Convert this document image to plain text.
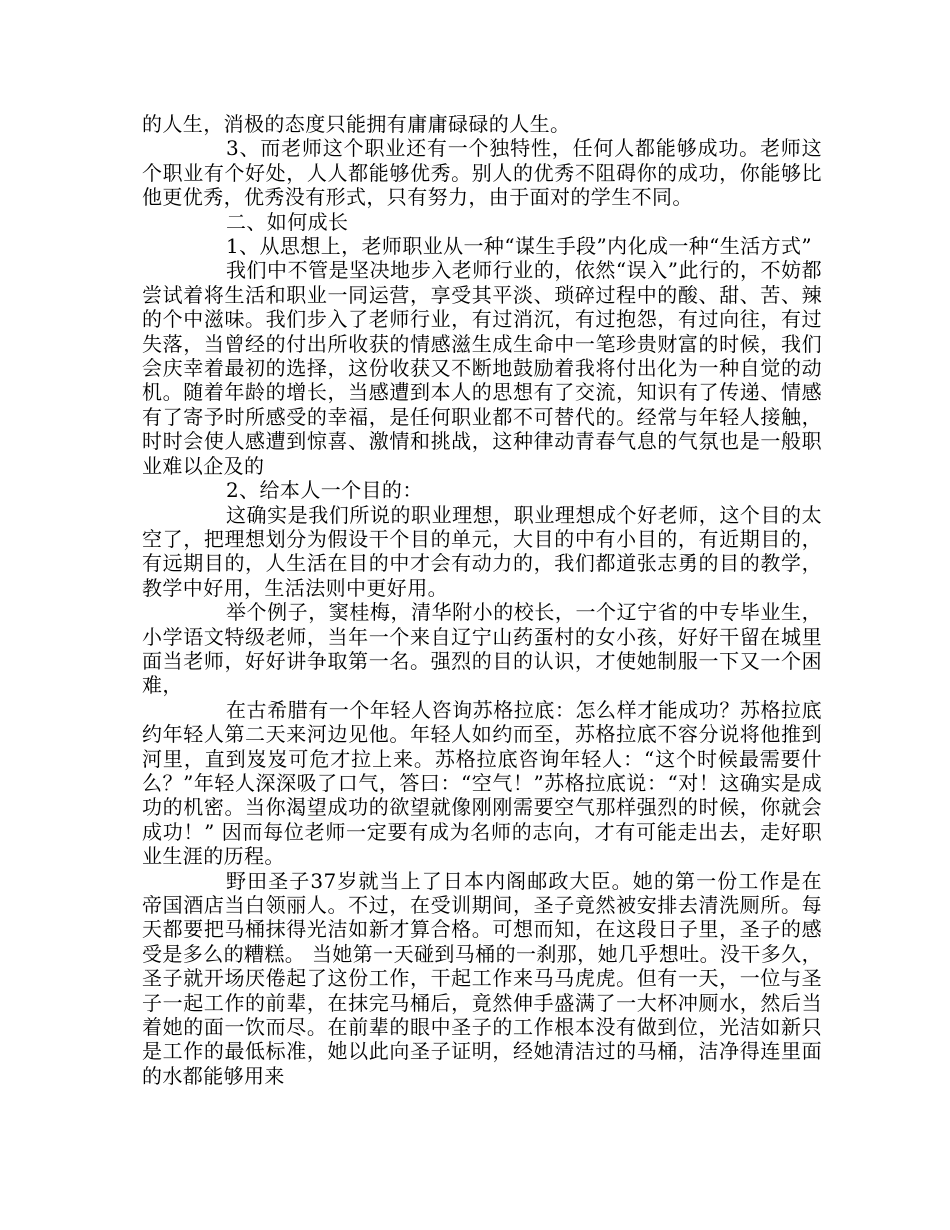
的人生，消极的态度只能拥有庸庸碌碌的人生。

3、而老师这个职业还有一个独特性，任何人都能够成功。老师这个职业有个好处，人人都能够优秀。别人的优秀不阻碍你的成功，你能够比他更优秀，优秀没有形式，只有努力，由于面对的学生不同。

二、如何成长

1、从思想上，老师职业从一种“谋生手段”内化成一种“生活方式”

我们中不管是坚决地步入老师行业的，依然“误入”此行的，不妨都尝试着将生活和职业一同运营，享受其平淡、琐碎过程中的酸、甜、苦、辣的个中滋味。我们步入了老师行业，有过消沉，有过抱怨，有过向往，有过失落，当曾经的付出所收获的情感滋生成生命中一笔珍贵财富的时候，我们会庆幸着最初的选择，这份收获又不断地鼓励着我将付出化为一种自觉的动机。随着年龄的增长，当感遭到本人的思想有了交流，知识有了传递、情感有了寄予时所感受的幸福，是任何职业都不可替代的。经常与年轻人接触，时时会使人感遭到惊喜、激情和挑战，这种律动青春气息的气氛也是一般职业难以企及的

2、给本人一个目的：

这确实是我们所说的职业理想，职业理想成个好老师，这个目的太空了，把理想划分为假设干个目的单元，大目的中有小目的，有近期目的，有远期目的，人生活在目的中才会有动力的，我们都道张志勇的目的教学，教学中好用，生活法则中更好用。

举个例子，窦桂梅，清华附小的校长，一个辽宁省的中专毕业生，小学语文特级老师，当年一个来自辽宁山药蛋村的女小孩，好好干留在城里面当老师，好好讲争取第一名。强烈的目的认识，才使她制服一下又一个困难，

在古希腊有一个年轻人咨询苏格拉底：怎么样才能成功？苏格拉底约年轻人第二天来河边见他。年轻人如约而至，苏格拉底不容分说将他推到河里，直到岌岌可危才拉上来。苏格拉底咨询年轻人：“这个时候最需要什么？”年轻人深深吸了口气，答曰：“空气！”苏格拉底说：“对！这确实是成功的机密。当你渴望成功的欲望就像刚刚需要空气那样强烈的时候，你就会成功！” 因而每位老师一定要有成为名师的志向，才有可能走出去，走好职业生涯的历程。

野田圣子37岁就当上了日本内阁邮政大臣。她的第一份工作是在帝国酒店当白领丽人。不过，在受训期间，圣子竟然被安排去清洗厕所。每天都要把马桶抹得光洁如新才算合格。可想而知，在这段日子里，圣子的感受是多么的糟糕。 当她第一天碰到马桶的一刹那，她几乎想吐。没干多久，圣子就开场厌倦起了这份工作，干起工作来马马虎虎。但有一天，一位与圣子一起工作的前辈，在抹完马桶后，竟然伸手盛满了一大杯冲厕水，然后当着她的面一饮而尽。在前辈的眼中圣子的工作根本没有做到位，光洁如新只是工作的最低标准，她以此向圣子证明，经她清洁过的马桶，洁净得连里面的水都能够用来
